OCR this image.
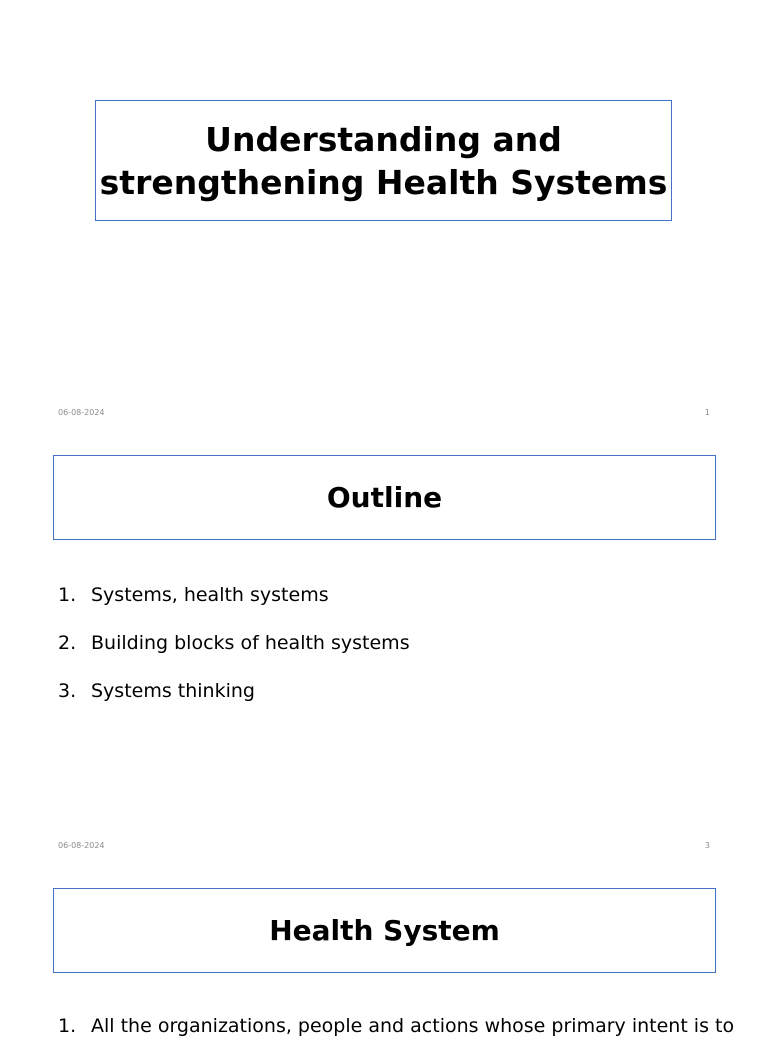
Understanding and
strengthening Health Systems
06-08-2024	1
Outline
1. Systems, health systems
2. Building blocks of health systems
3. Systems thinking
06-08-2024	3
Health System
1. All the organizations, people and actions whose primary intent is to
